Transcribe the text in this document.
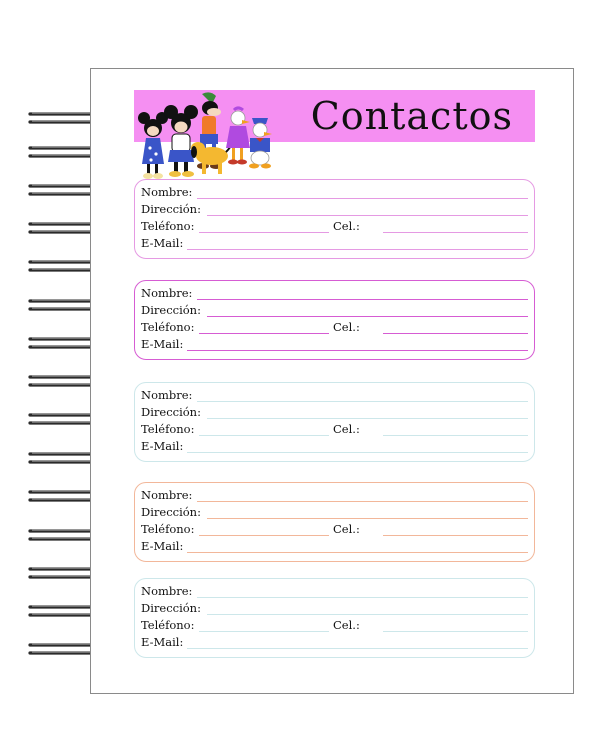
Contactos
Nombre:
Dirección:
Teléfono:
E-Mail:
Cel.:
Nombre:
Dirección:
Teléfono:
E-Mail:
Cel.:
Nombre:
Dirección:
Teléfono:
E-Mail:
Cel.:
Nombre:
Dirección:
Teléfono:
E-Mail:
Cel.:
Nombre:
Dirección:
Teléfono:
E-Mail:
Cel.:
